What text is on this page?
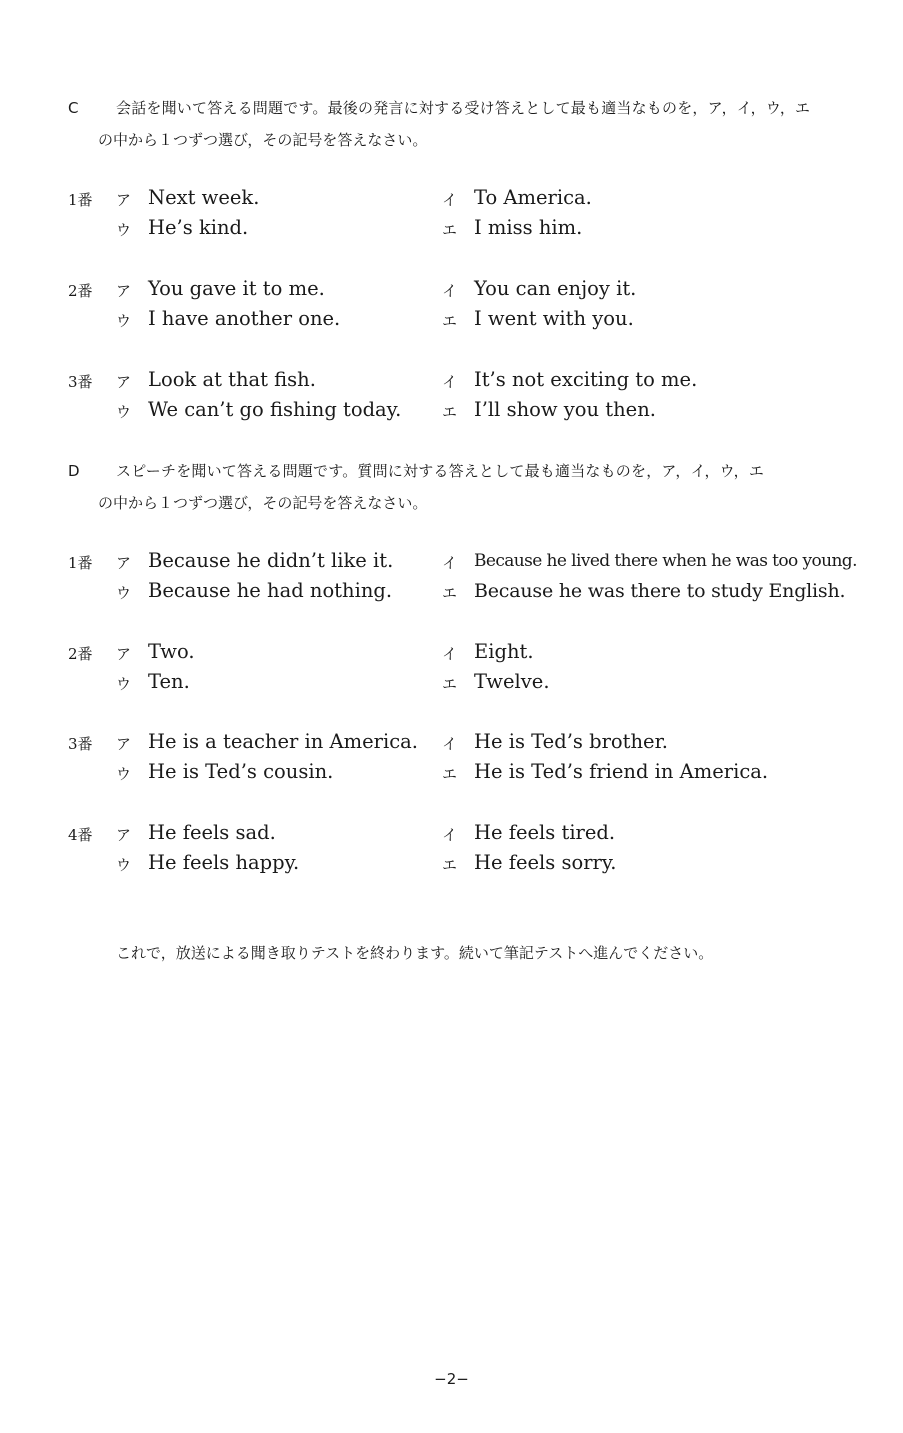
C	会話を聞いて答える問題です。最後の発言に対する受け答えとして最も適当なものを，ア，イ，ウ，エ
の中から１つずつ選び，その記号を答えなさい。
1番 ア Next week.	イ To America.
ウ He’s kind.	エ I miss him.
2番 ア You gave it to me.	イ You can enjoy it.
ウ I have another one.	エ I went with you.
3番 ア Look at that fish.	イ It’s not exciting to me.
ウ We can’t go fishing today.	エ I’ll show you then.
D	スピーチを聞いて答える問題です。質問に対する答えとして最も適当なものを，ア，イ，ウ，エ
の中から１つずつ選び，その記号を答えなさい。
1番 ア Because he didn’t like it.	イ Because he lived there when he was too young.
ウ Because he had nothing.	エ Because he was there to study English.
2番 ア Two.	イ Eight.
ウ Ten.	エ Twelve.
3番 ア He is a teacher in America. イ He is Ted’s brother.
ウ He is Ted’s cousin.	エ He is Ted’s friend in America.
4番 ア He feels sad.	イ He feels tired.
ウ He feels happy.	エ He feels sorry.
これで，放送による聞き取りテストを終わります。続いて筆記テストへ進んでください。
−2−
